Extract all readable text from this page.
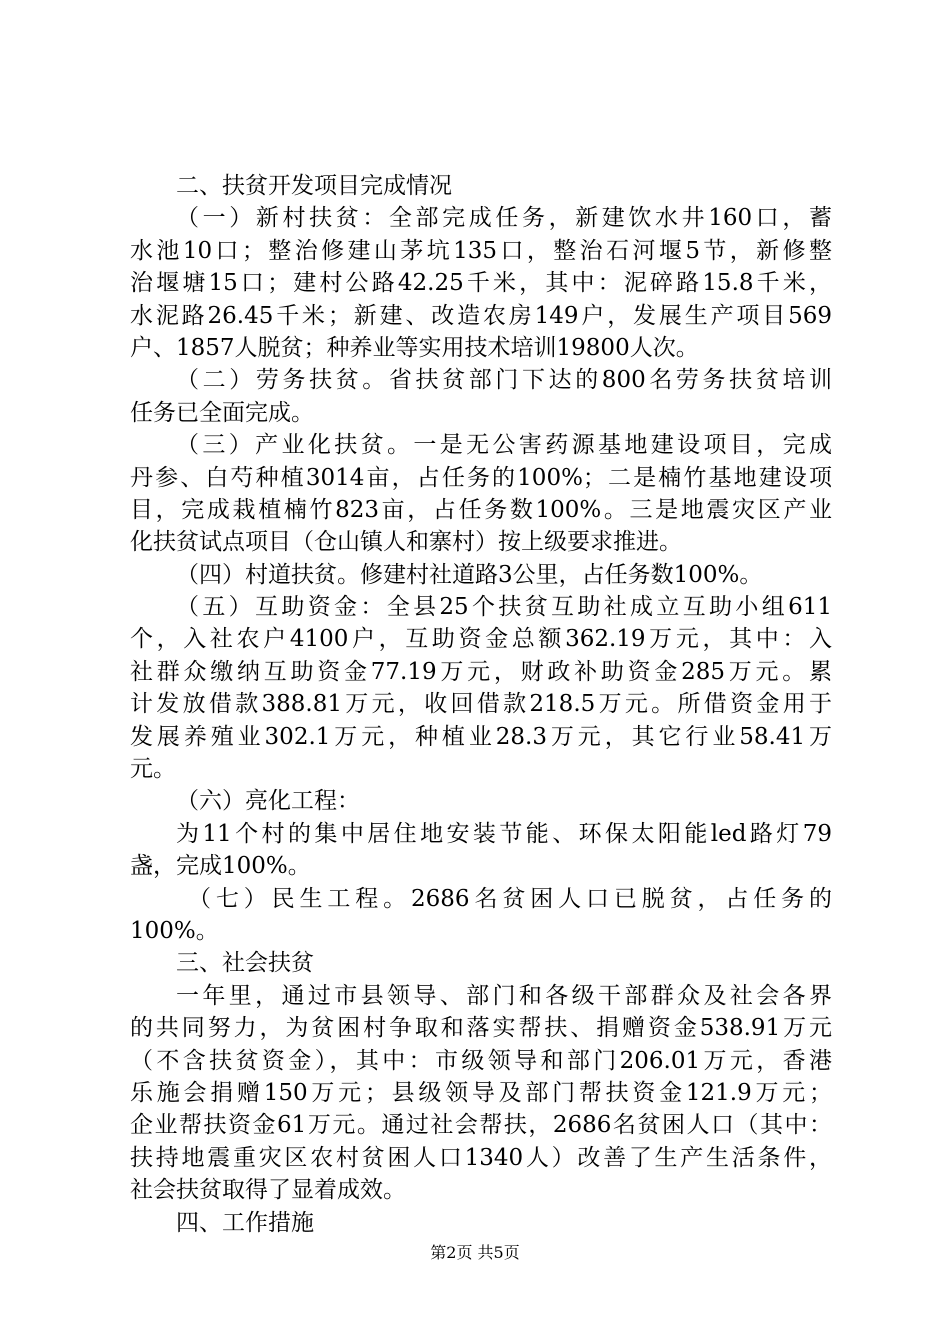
二、扶贫开发项目完成情况
（一）新村扶贫：全部完成任务，新建饮水井160口，蓄
水池10口；整治修建山茅坑135口，整治石河堰5节，新修整
治堰塘15口；建村公路42.25千米，其中：泥碎路15.8千米，
水泥路26.45千米；新建、改造农房149户，发展生产项目569
户、1857人脱贫；种养业等实用技术培训19800人次。
（二）劳务扶贫。省扶贫部门下达的800名劳务扶贫培训
任务已全面完成。
（三）产业化扶贫。一是无公害药源基地建设项目，完成
丹参、白芍种植3014亩，占任务的100%；二是楠竹基地建设项
目，完成栽植楠竹823亩，占任务数100%。三是地震灾区产业
化扶贫试点项目（仓山镇人和寨村）按上级要求推进。
（四）村道扶贫。修建村社道路3公里，占任务数100%。
（五）互助资金：全县25个扶贫互助社成立互助小组611
个，入社农户4100户，互助资金总额362.19万元，其中：入
社群众缴纳互助资金77.19万元，财政补助资金285万元。累
计发放借款388.81万元，收回借款218.5万元。所借资金用于
发展养殖业302.1万元，种植业28.3万元，其它行业58.41万
元。
（六）亮化工程：
为11个村的集中居住地安装节能、环保太阳能led路灯79
盏，完成100%。
（七）民生工程。2686名贫困人口已脱贫，占任务的
100%。
三、社会扶贫
一年里，通过市县领导、部门和各级干部群众及社会各界
的共同努力，为贫困村争取和落实帮扶、捐赠资金538.91万元
（不含扶贫资金），其中：市级领导和部门206.01万元，香港
乐施会捐赠150万元；县级领导及部门帮扶资金121.9万元；
企业帮扶资金61万元。通过社会帮扶，2686名贫困人口（其中：
扶持地震重灾区农村贫困人口1340人）改善了生产生活条件，
社会扶贫取得了显着成效。
四、工作措施
第2页 共5页
